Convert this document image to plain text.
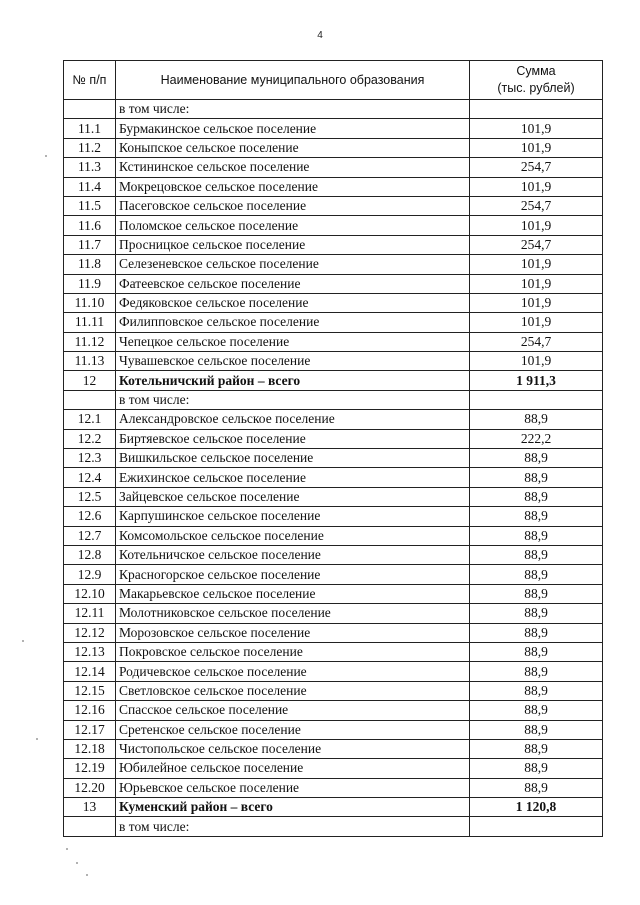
4
№ п/п	Наименование муниципального образования	Сумма
(тыс. рублей)

	в том числе:	
11.1	Бурмакинское сельское поселение	101,9
11.2	Коныпское сельское поселение	101,9
11.3	Кстининское сельское поселение	254,7
11.4	Мокрецовское сельское поселение	101,9
11.5	Пасеговское сельское поселение	254,7
11.6	Поломское сельское поселение	101,9
11.7	Просницкое сельское поселение	254,7
11.8	Селезеневское сельское поселение	101,9
11.9	Фатеевское сельское поселение	101,9
11.10	Федяковское сельское поселение	101,9
11.11	Филипповское сельское поселение	101,9
11.12	Чепецкое сельское поселение	254,7
11.13	Чувашевское сельское поселение	101,9
12	Котельничский район – всего	1 911,3
	в том числе:	
12.1	Александровское сельское поселение	88,9
12.2	Биртяевское сельское поселение	222,2
12.3	Вишкильское сельское поселение	88,9
12.4	Ежихинское сельское поселение	88,9
12.5	Зайцевское сельское поселение	88,9
12.6	Карпушинское сельское поселение	88,9
12.7	Комсомольское сельское поселение	88,9
12.8	Котельничское сельское поселение	88,9
12.9	Красногорское сельское поселение	88,9
12.10	Макарьевское сельское поселение	88,9
12.11	Молотниковское сельское поселение	88,9
12.12	Морозовское сельское поселение	88,9
12.13	Покровское сельское поселение	88,9
12.14	Родичевское сельское поселение	88,9
12.15	Светловское сельское поселение	88,9
12.16	Спасское сельское поселение	88,9
12.17	Сретенское сельское поселение	88,9
12.18	Чистопольское сельское поселение	88,9
12.19	Юбилейное сельское поселение	88,9
12.20	Юрьевское сельское поселение	88,9
13	Куменский район – всего	1 120,8
	в том числе:	
